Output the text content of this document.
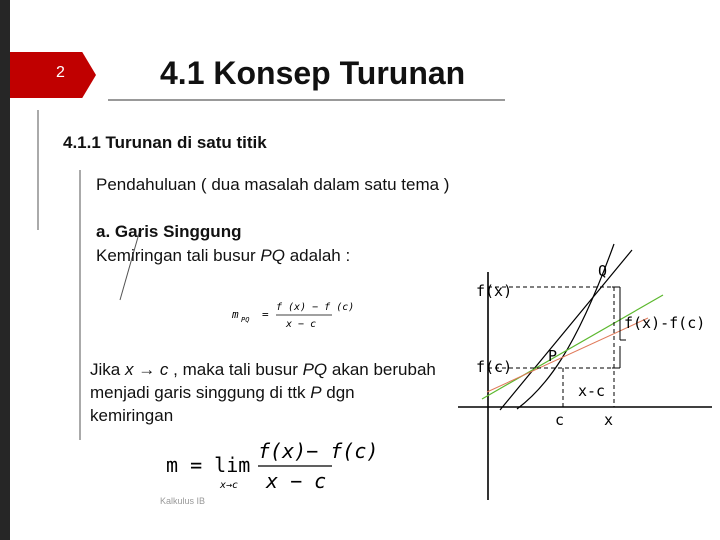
2	4.1 Konsep Turunan
4.1.1 Turunan di satu titik
Pendahuluan ( dua masalah dalam satu tema )
a. Garis Singgung
Kemiringan tali busur PQ adalah :
m PQ =
f (x) − f (c)
x − c
Jika x → c , maka tali busur PQ akan berubah menjadi garis singgung di ttk P dgn kemiringan
m = lim
x→c
f(x)− f(c)
x − c
Kalkulus IB
Q
P
f(x)
f(c)
f(x)-f(c)
x-c
c	x
